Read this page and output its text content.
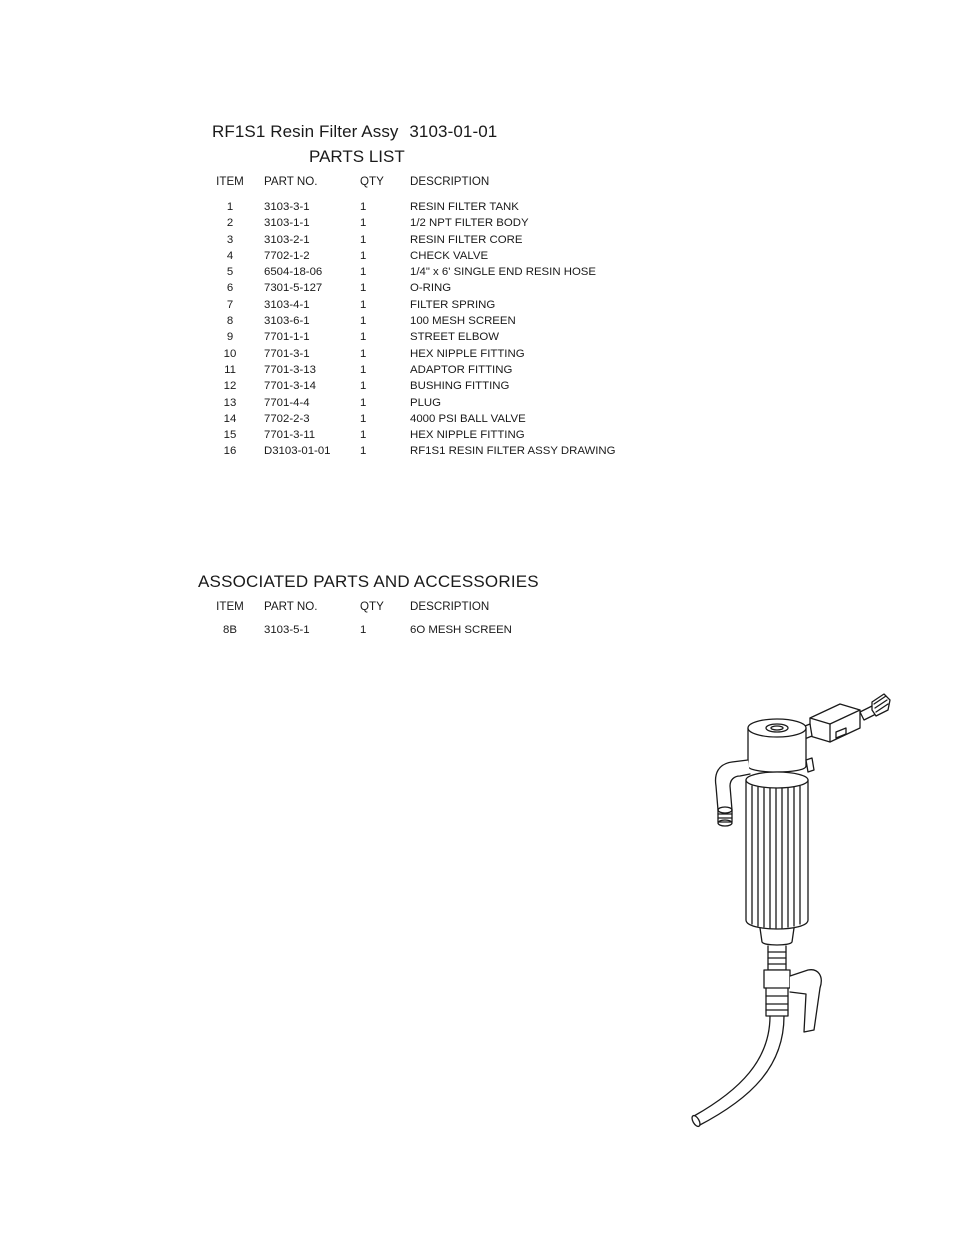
RF1S1 Resin Filter Assy 3103-01-01
PARTS LIST
ITEM	PART NO.	QTY	DESCRIPTION

1	3103-3-1	1	RESIN FILTER TANK
2	3103-1-1	1	1/2 NPT FILTER BODY
3	3103-2-1	1	RESIN FILTER CORE
4	7702-1-2	1	CHECK VALVE
5	6504-18-06	1	1/4" x 6' SINGLE END RESIN HOSE
6	7301-5-127	1	O-RING
7	3103-4-1	1	FILTER SPRING
8	3103-6-1	1	100 MESH SCREEN
9	7701-1-1	1	STREET ELBOW
10	7701-3-1	1	HEX NIPPLE FITTING
11	7701-3-13	1	ADAPTOR FITTING
12	7701-3-14	1	BUSHING FITTING
13	7701-4-4	1	PLUG
14	7702-2-3	1	4000 PSI BALL VALVE
15	7701-3-11	1	HEX NIPPLE FITTING
16	D3103-01-01	1	RF1S1 RESIN FILTER ASSY DRAWING
ASSOCIATED PARTS AND ACCESSORIES
ITEM	PART NO.	QTY	DESCRIPTION
8B	3103-5-1	1	6O MESH SCREEN
